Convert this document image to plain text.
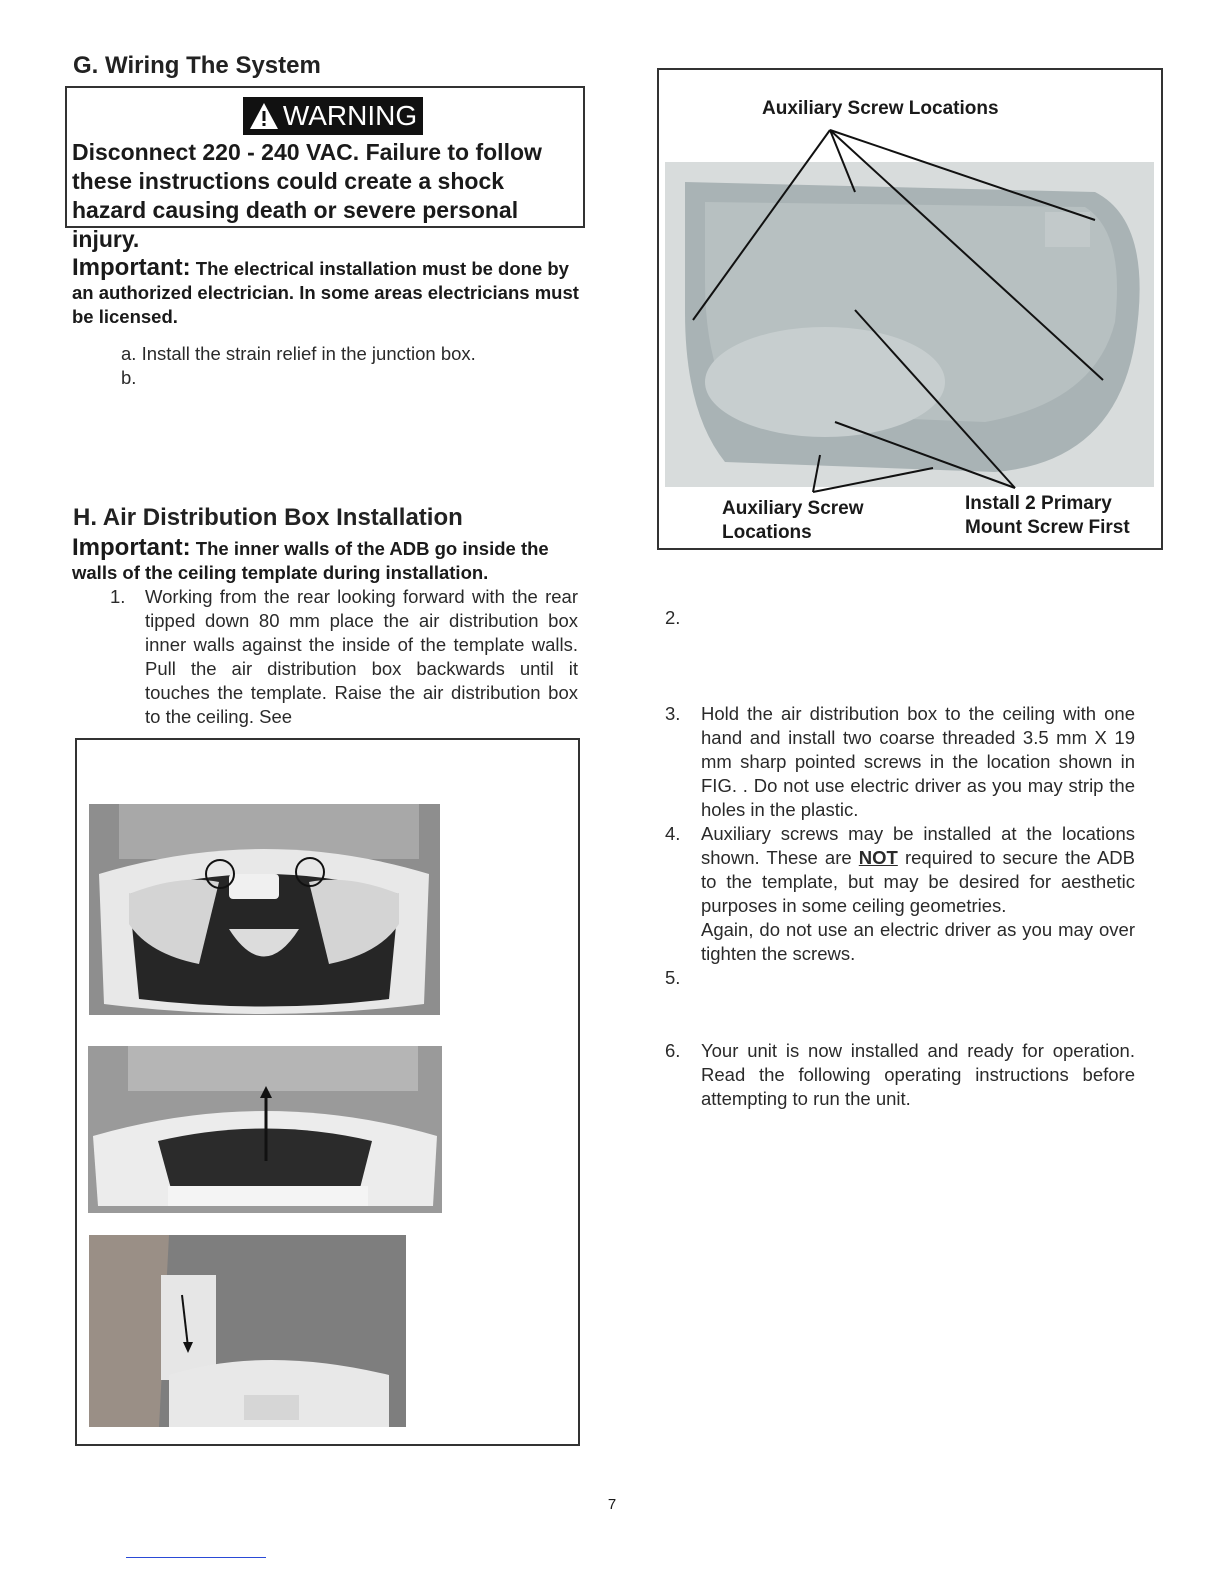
G. Wiring The System
WARNING
Disconnect 220 - 240 VAC. Failure to follow these instructions could create a shock hazard causing death or severe personal injury.
Important: The electrical installation must be done by an authorized electrician. In some areas electricians must be licensed.
a. Install the strain relief in the junction box.
b.
H. Air Distribution Box Installation
Important: The inner walls of the ADB go inside the walls of the ceiling template during installation.
1. Working from the rear looking forward with the rear tipped down 80 mm place the air distribution box inner walls against the inside of the template walls. Pull the air distribution box backwards until it touches the template. Raise the air distribution box to the ceiling. See
Auxiliary Screw Locations
Auxiliary Screw Locations
Install 2 Primary Mount Screw First
2.
3. Hold the air distribution box to the ceiling with one hand and install two coarse threaded 3.5 mm X 19 mm sharp pointed screws in the location shown in FIG. . Do not use electric driver as you may strip the holes in the plastic.
4. Auxiliary screws may be installed at the locations shown. These are NOT required to secure the ADB to the template, but may be desired for aesthetic purposes in some ceiling geometries.
Again, do not use an electric driver as you may over tighten the screws.
5.
6. Your unit is now installed and ready for operation. Read the following operating instructions before attempting to run the unit.
7
